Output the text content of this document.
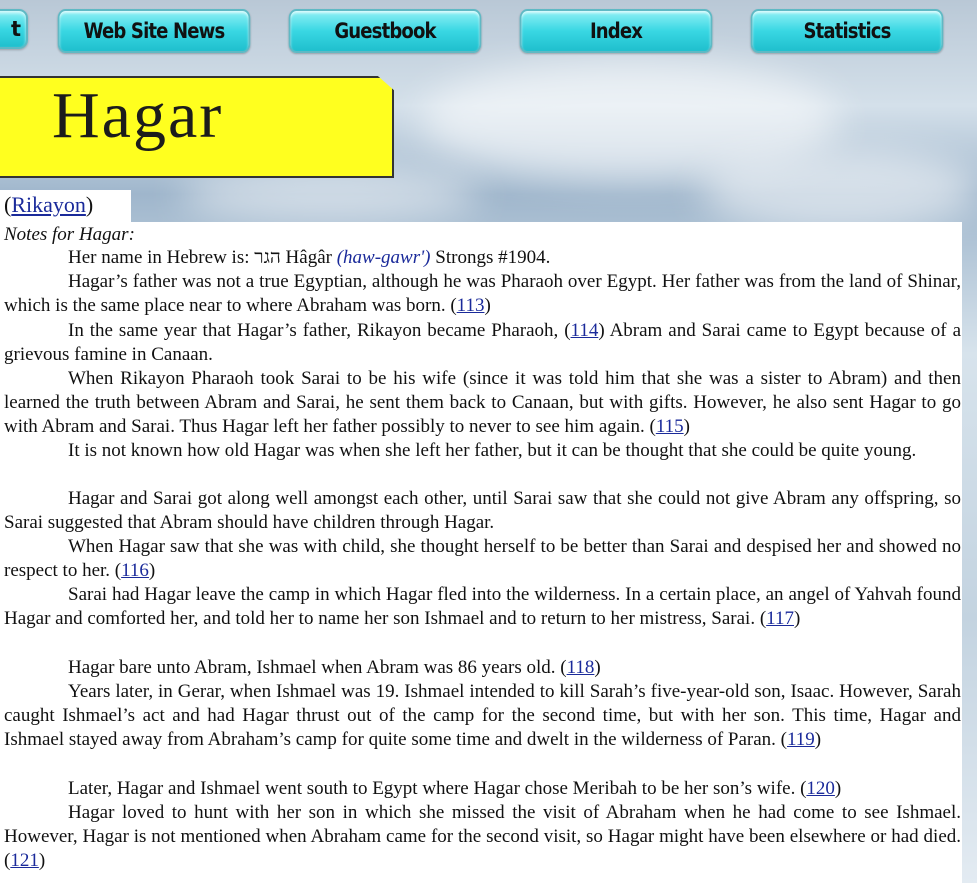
t	Web Site News	Guestbook	Index	Statistics
Hagar
(Rikayon)
Notes for Hagar:
Her name in Hebrew is: הגר Hâgâr (haw-gawr') Strongs #1904.
Hagar’s father was not a true Egyptian, although he was Pharaoh over Egypt. Her father was from the land of Shinar, which is the same place near to where Abraham was born. (113)
In the same year that Hagar’s father, Rikayon became Pharaoh, (114) Abram and Sarai came to Egypt because of a grievous famine in Canaan.
When Rikayon Pharaoh took Sarai to be his wife (since it was told him that she was a sister to Abram) and then learned the truth between Abram and Sarai, he sent them back to Canaan, but with gifts. However, he also sent Hagar to go with Abram and Sarai. Thus Hagar left her father possibly to never to see him again. (115)
It is not known how old Hagar was when she left her father, but it can be thought that she could be quite young.
Hagar and Sarai got along well amongst each other, until Sarai saw that she could not give Abram any offspring, so Sarai suggested that Abram should have children through Hagar.
When Hagar saw that she was with child, she thought herself to be better than Sarai and despised her and showed no respect to her. (116)
Sarai had Hagar leave the camp in which Hagar fled into the wilderness. In a certain place, an angel of Yahvah found Hagar and comforted her, and told her to name her son Ishmael and to return to her mistress, Sarai. (117)
Hagar bare unto Abram, Ishmael when Abram was 86 years old. (118)
Years later, in Gerar, when Ishmael was 19. Ishmael intended to kill Sarah’s five-year-old son, Isaac. However, Sarah caught Ishmael’s act and had Hagar thrust out of the camp for the second time, but with her son. This time, Hagar and Ishmael stayed away from Abraham’s camp for quite some time and dwelt in the wilderness of Paran. (119)
Later, Hagar and Ishmael went south to Egypt where Hagar chose Meribah to be her son’s wife. (120)
Hagar loved to hunt with her son in which she missed the visit of Abraham when he had come to see Ishmael. However, Hagar is not mentioned when Abraham came for the second visit, so Hagar might have been elsewhere or had died. (121)
